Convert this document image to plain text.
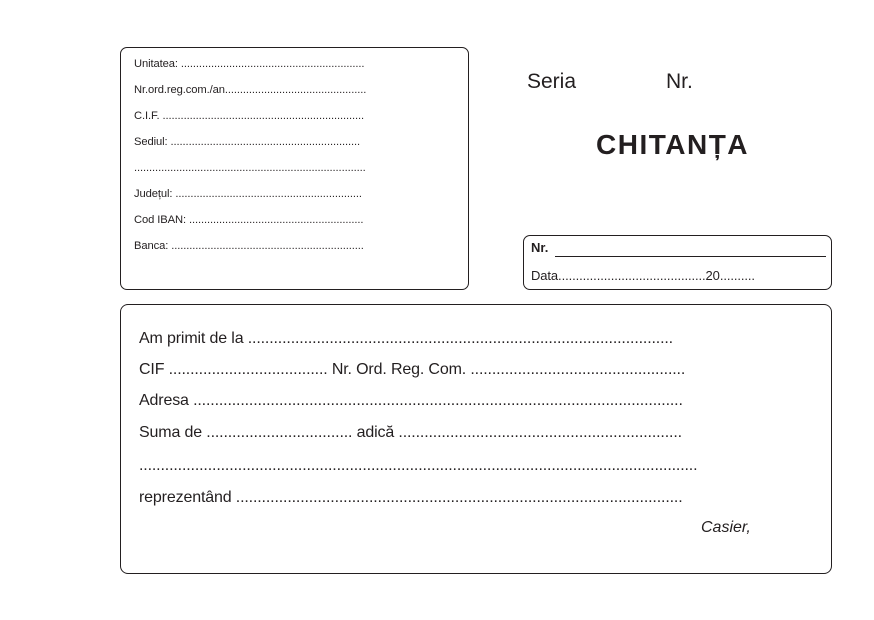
Unitatea: .............................................................
Nr.ord.reg.com./an...............................................
C.I.F. ...................................................................
Sediul: ...............................................................
.............................................................................
Județul: ..............................................................
Cod IBAN: ..........................................................
Banca: ................................................................
Seria	Nr.
CHITANȚA
Nr.
Data..........................................20..........
Am primit de la ...................................................................................................
CIF ..................................... Nr. Ord. Reg. Com. ..................................................
Adresa ..................................................................................................................
Suma de .................................. adică ..................................................................
..................................................................................................................................
reprezentând ........................................................................................................
Casier,
